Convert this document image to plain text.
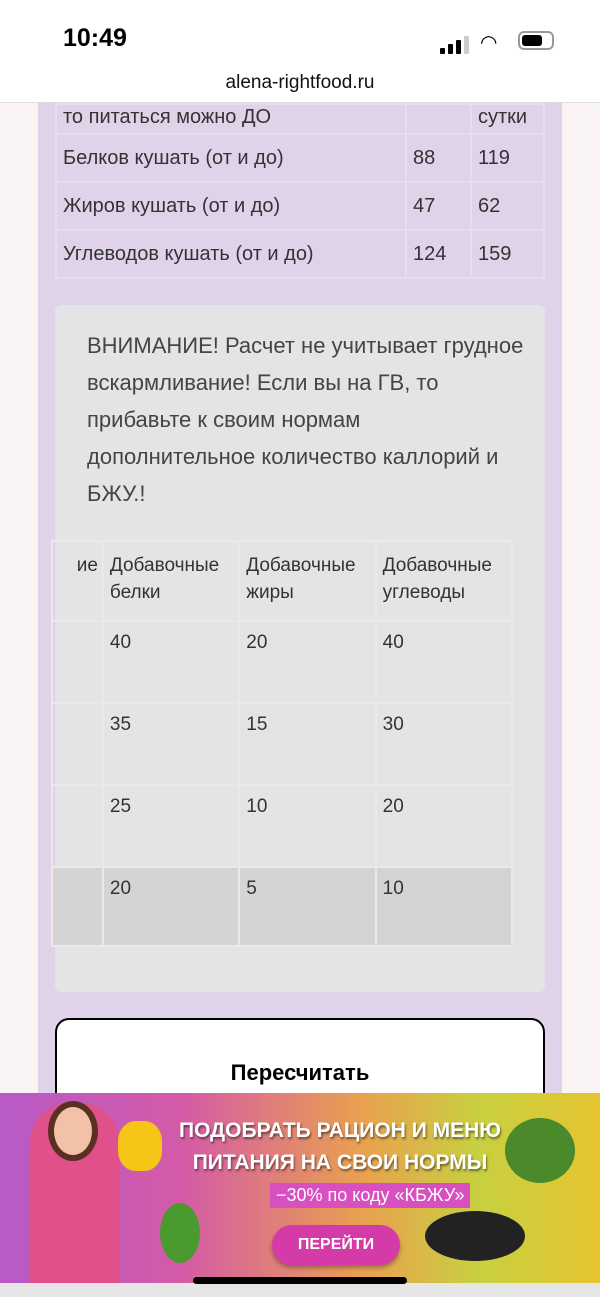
10:49	◠
alena-rightfood.ru
то питаться можно ДО		сутки
Белков кушать (от и до)	88	119
Жиров кушать (от и до)	47	62
Углеводов кушать (от и до)	124	159
ВНИМАНИЕ! Расчет не учитывает грудное вскармливание! Если вы на ГВ, то прибавьте к своим нормам дополнительное количество каллорий и БЖУ.!
ие	Добавочные белки	Добавочные жиры	Добавочные углеводы
	40	20	40
	35	15	30
	25	10	20
	20	5	10
Пересчитать
ПОДОБРАТЬ РАЦИОН И МЕНЮ ПИТАНИЯ НА СВОИ НОРМЫ
−30% по коду «КБЖУ»
ПЕРЕЙТИ
